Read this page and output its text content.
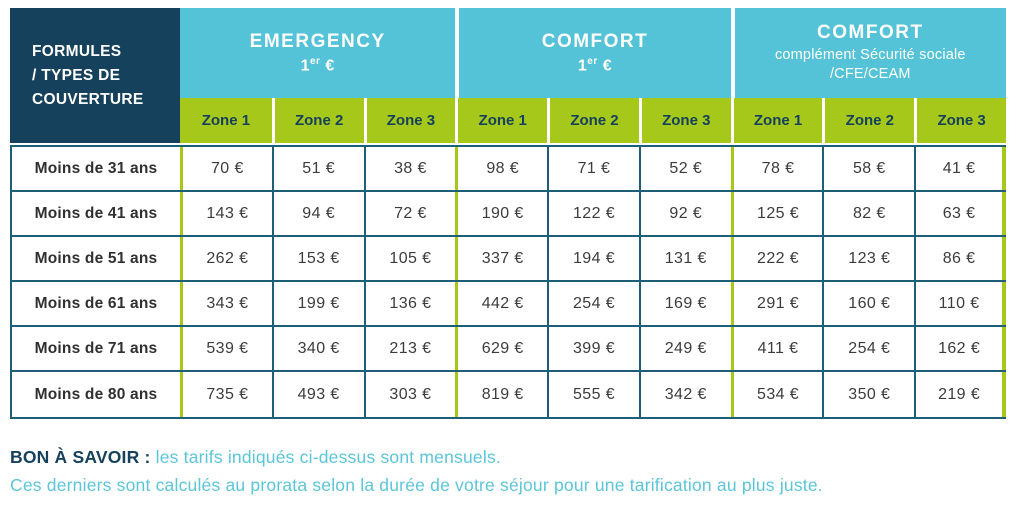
FORMULES
/ TYPES DE
COUVERTURE
EMERGENCY
1er €
COMFORT
1er €
COMFORT
complément Sécurité sociale
/CFE/CEAM
Zone 1	Zone 2	Zone 3	Zone 1	Zone 2	Zone 3	Zone 1	Zone 2	Zone 3
Moins de 31 ans	70 €	51 €	38 €	98 €	71 €	52 €	78 €	58 €	41 €
Moins de 41 ans	143 €	94 €	72 €	190 €	122 €	92 €	125 €	82 €	63 €
Moins de 51 ans	262 €	153 €	105 €	337 €	194 €	131 €	222 €	123 €	86 €
Moins de 61 ans	343 €	199 €	136 €	442 €	254 €	169 €	291 €	160 €	110 €
Moins de 71 ans	539 €	340 €	213 €	629 €	399 €	249 €	411 €	254 €	162 €
Moins de 80 ans	735 €	493 €	303 €	819 €	555 €	342 €	534 €	350 €	219 €
BON À SAVOIR : les tarifs indiqués ci-dessus sont mensuels.
Ces derniers sont calculés au prorata selon la durée de votre séjour pour une tarification au plus juste.
